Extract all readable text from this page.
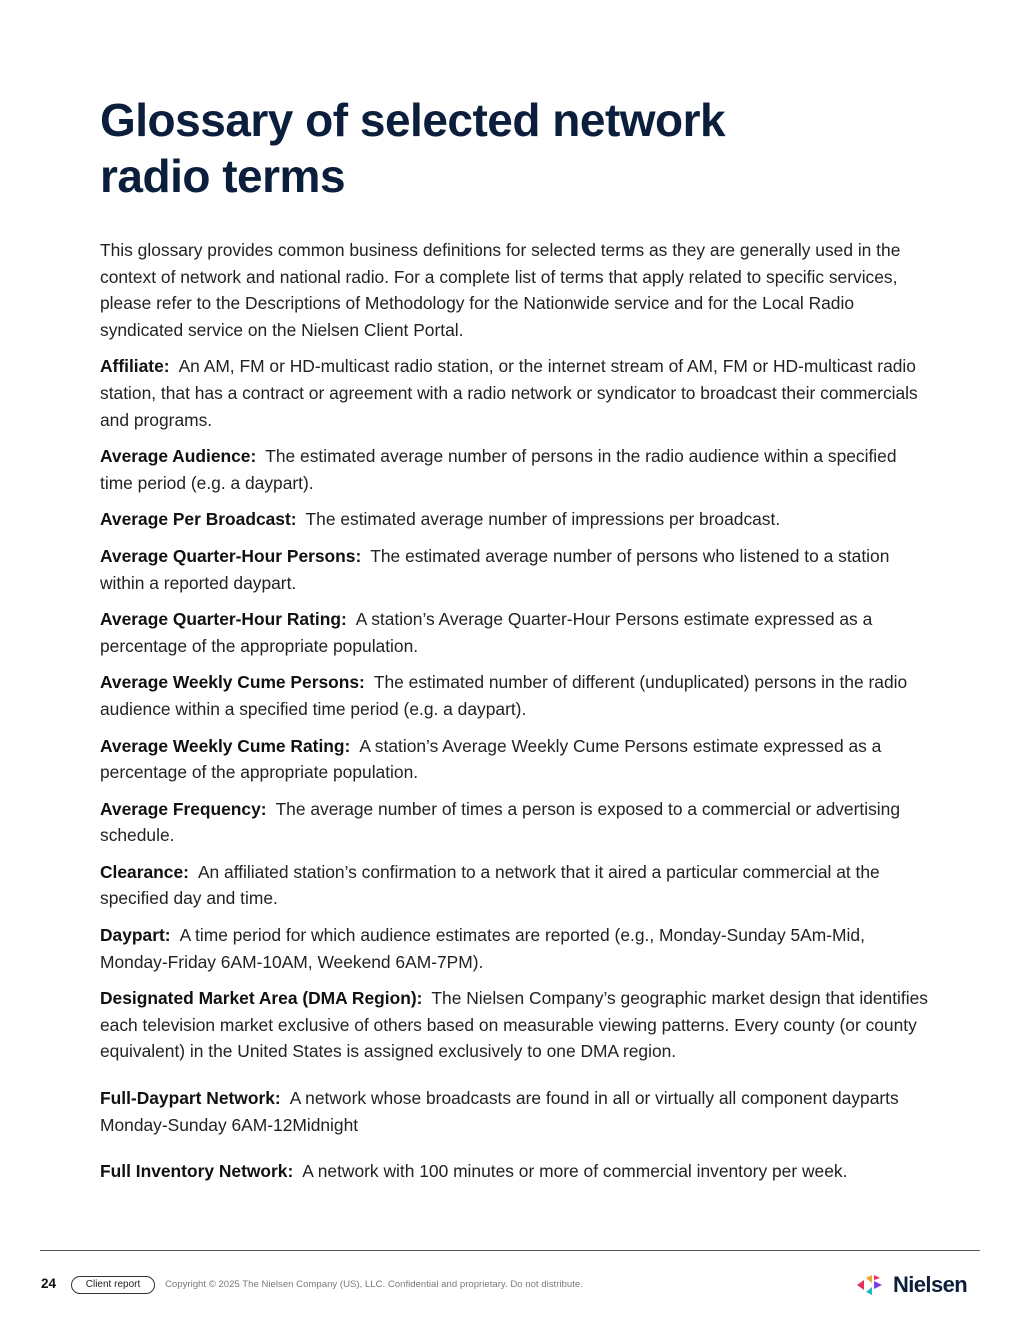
Glossary of selected network radio terms

This glossary provides common business definitions for selected terms as they are generally used in the context of network and national radio. For a complete list of terms that apply related to specific services, please refer to the Descriptions of Methodology for the Nationwide service and for the Local Radio syndicated service on the Nielsen Client Portal.

Affiliate: An AM, FM or HD-multicast radio station, or the internet stream of AM, FM or HD-multicast radio station, that has a contract or agreement with a radio network or syndicator to broadcast their commercials and programs.

Average Audience: The estimated average number of persons in the radio audience within a specified time period (e.g. a daypart).

Average Per Broadcast: The estimated average number of impressions per broadcast.

Average Quarter-Hour Persons: The estimated average number of persons who listened to a station within a reported daypart.

Average Quarter-Hour Rating: A station’s Average Quarter-Hour Persons estimate expressed as a percentage of the appropriate population.

Average Weekly Cume Persons: The estimated number of different (unduplicated) persons in the radio audience within a specified time period (e.g. a daypart).

Average Weekly Cume Rating: A station’s Average Weekly Cume Persons estimate expressed as a percentage of the appropriate population.

Average Frequency: The average number of times a person is exposed to a commercial or advertising schedule.

Clearance: An affiliated station’s confirmation to a network that it aired a particular commercial at the specified day and time.

Daypart: A time period for which audience estimates are reported (e.g., Monday-Sunday 5Am-Mid, Monday-Friday 6AM-10AM, Weekend 6AM-7PM).

Designated Market Area (DMA Region): The Nielsen Company’s geographic market design that identifies each television market exclusive of others based on measurable viewing patterns. Every county (or county equivalent) in the United States is assigned exclusively to one DMA region.

Full-Daypart Network: A network whose broadcasts are found in all or virtually all component dayparts Monday-Sunday 6AM-12Midnight

Full Inventory Network: A network with 100 minutes or more of commercial inventory per week.

24	Client report	Copyright © 2025 The Nielsen Company (US), LLC. Confidential and proprietary. Do not distribute.	Nielsen
